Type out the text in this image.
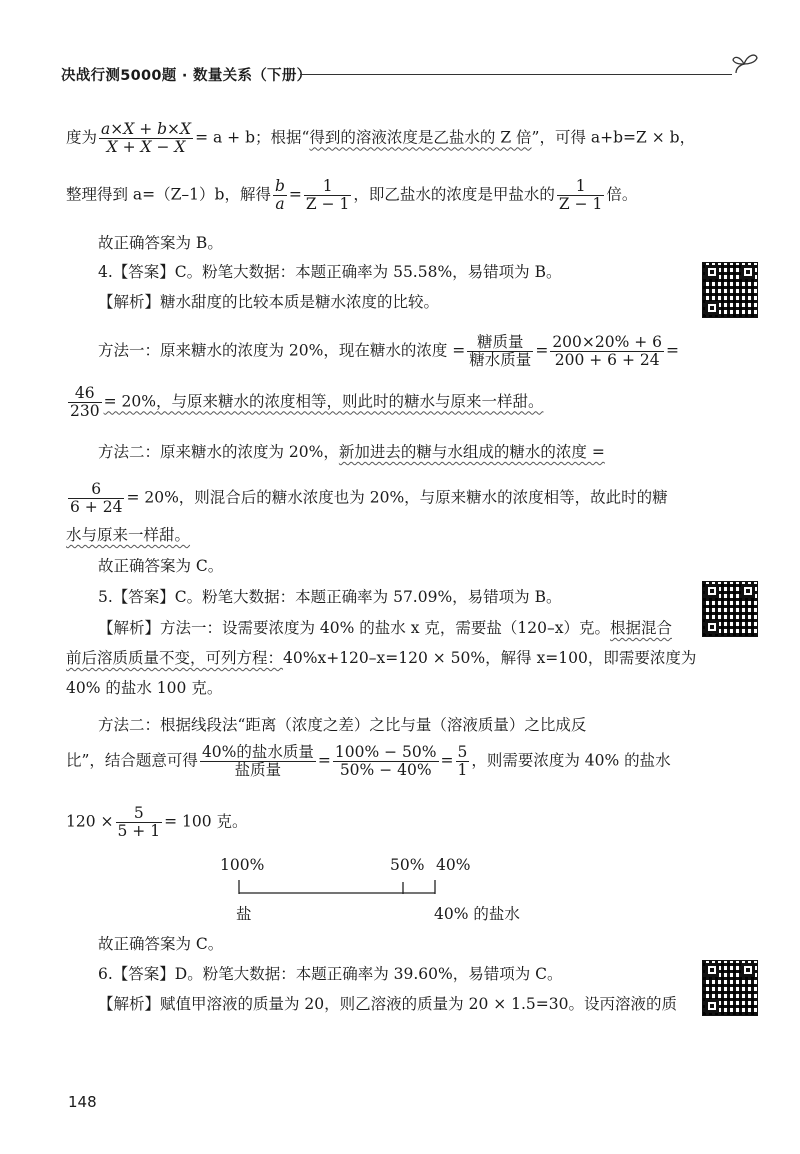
决战行测5000题 · 数量关系（下册）
度为 $\frac{a\times X + b\times X}{X + X - X} = a + b$；根据“得到的溶液浓度是乙盐水的 Z 倍”，可得 a+b=Z × b，
整理得到 a=（Z–1）b，解得 $\frac{b}{a} = \frac{1}{Z - 1}$ ，即乙盐水的浓度是甲盐水的 $\frac{1}{Z - 1}$ 倍。
故正确答案为 B。
4.【答案】C。粉笔大数据：本题正确率为 55.58%，易错项为 B。
【解析】糖水甜度的比较本质是糖水浓度的比较。
方法一：原来糖水的浓度为 20%，现在糖水的浓度 = $\frac{\text{糖质量}}{\text{糖水质量}} = \frac{200\times 20\% + 6}{200 + 6 + 24}$ =
$\frac{46}{230} = 20\%$，与原来糖水的浓度相等，则此时的糖水与原来一样甜。
方法二：原来糖水的浓度为 20%，新加进去的糖与水组成的糖水的浓度 =
$\frac{6}{6 + 24} = 20\%$，则混合后的糖水浓度也为 20%，与原来糖水的浓度相等，故此时的糖
水与原来一样甜。
故正确答案为 C。
5.【答案】C。粉笔大数据：本题正确率为 57.09%，易错项为 B。
【解析】方法一：设需要浓度为 40% 的盐水 x 克，需要盐（120–x）克。根据混合
前后溶质质量不变，可列方程：40%x+120–x=120 × 50%，解得 x=100，即需要浓度为
40% 的盐水 100 克。
方法二：根据线段法“距离（浓度之差）之比与量（溶液质量）之比成反
比”，结合题意可得 $\frac{\text{40\%的盐水质量}}{\text{盐质量}} = \frac{100\% - 50\%}{50\% - 40\%} = \frac{5}{1}$ ，则需要浓度为 40% 的盐水
$120 \times \frac{5}{5 + 1} = 100$ 克。
100%	50% 40%
盐	40% 的盐水
故正确答案为 C。
6.【答案】D。粉笔大数据：本题正确率为 39.60%，易错项为 C。
【解析】赋值甲溶液的质量为 20，则乙溶液的质量为 20 × 1.5=30。设丙溶液的质
148
